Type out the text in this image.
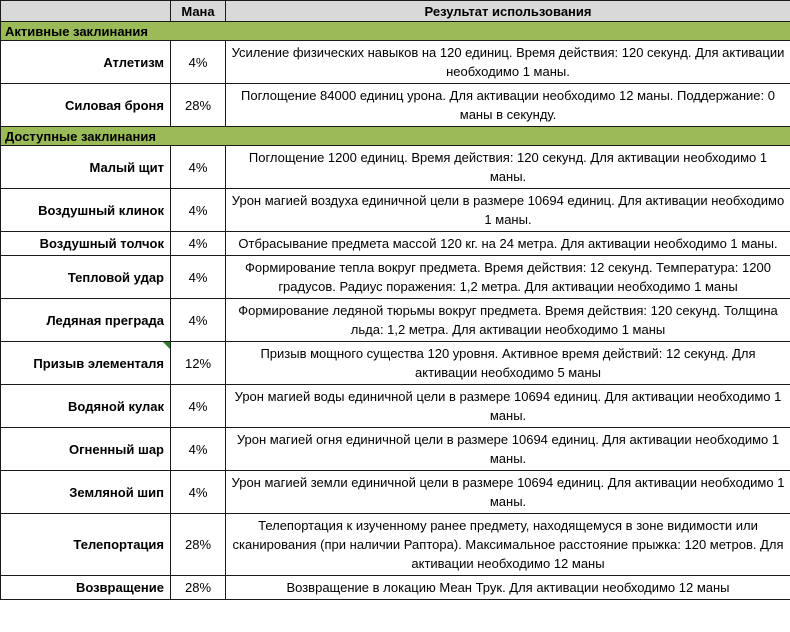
	Мана	Результат использования
Активные заклинания		
Атлетизм	4%	Усиление физических навыков на 120 единиц. Время действия: 120 секунд. Для активации необходимо 1 маны.
Силовая броня	28%	Поглощение 84000 единиц урона. Для активации необходимо 12 маны. Поддержание: 0 маны в секунду.
Доступные заклинания		
Малый щит	4%	Поглощение 1200 единиц. Время действия: 120 секунд. Для активации необходимо 1 маны.
Воздушный клинок	4%	Урон магией воздуха единичной цели в размере 10694 единиц. Для активации необходимо 1 маны.
Воздушный толчок	4%	Отбрасывание предмета массой 120 кг. на 24 метра. Для активации необходимо 1 маны.
Тепловой удар	4%	Формирование тепла вокруг предмета. Время действия: 12 секунд. Температура: 1200 градусов. Радиус поражения: 1,2 метра. Для активации необходимо 1 маны
Ледяная преграда	4%	Формирование ледяной тюрьмы вокруг предмета. Время действия: 120 секунд. Толщина льда: 1,2 метра. Для активации необходимо 1 маны
Призыв элементаля	12%	Призыв мощного существа 120 уровня. Активное время действий: 12 секунд. Для активации необходимо 5 маны
Водяной кулак	4%	Урон магией воды единичной цели в размере 10694 единиц. Для активации необходимо 1 маны.
Огненный шар	4%	Урон магией огня единичной цели в размере 10694 единиц. Для активации необходимо 1 маны.
Земляной шип	4%	Урон магией земли единичной цели в размере 10694 единиц. Для активации необходимо 1 маны.
Телепортация	28%	Телепортация к изученному ранее предмету, находящемуся в зоне видимости или сканирования (при наличии Раптора). Максимальное расстояние прыжка: 120 метров. Для активации необходимо 12 маны
Возвращение	28%	Возвращение в локацию Меан Трук. Для активации необходимо 12 маны
